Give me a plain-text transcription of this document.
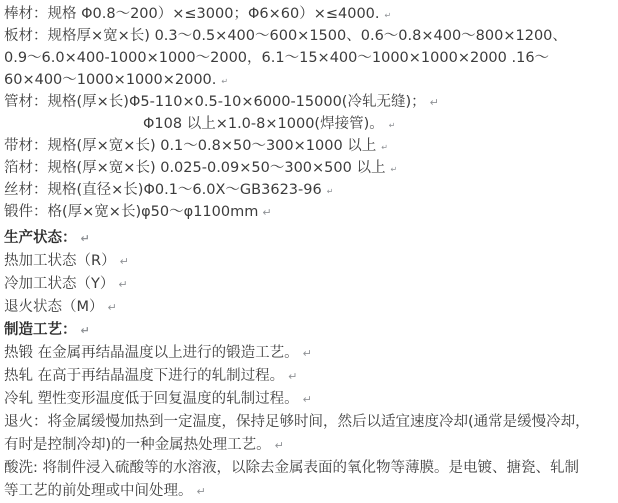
棒材：规格 Φ0.8～200）×≤3000；Φ6×60）×≤4000. ↵
板材：规格厚×宽×长) 0.3～0.5×400～600×1500、0.6～0.8×400～800×1200、
0.9～6.0×400-1000×1000～2000，6.1～15×400～1000×1000×2000 .16～
60×400～1000×1000×2000. ↵
管材：规格(厚×长)Φ5-110×0.5-10×6000-15000(冷轧无缝)； ↵
Φ108 以上×1.0-8×1000(焊接管)。 ↵
带材：规格(厚×宽×长) 0.1～0.8×50～300×1000 以上 ↵
箔材：规格(厚×宽×长) 0.025-0.09×50～300×500 以上 ↵
丝材：规格(直径×长)Φ0.1～6.0X～GB3623-96 ↵
锻件：格(厚×宽×长)φ50～φ1100mm ↵
生产状态： ↵
热加工状态（R） ↵
冷加工状态（Y） ↵
退火状态（M） ↵
制造工艺： ↵
热锻 在金属再结晶温度以上进行的锻造工艺。 ↵
热轧 在高于再结晶温度下进行的轧制过程。 ↵
冷轧 塑性变形温度低于回复温度的轧制过程。 ↵
退火：将金属缓慢加热到一定温度，保持足够时间，然后以适宜速度冷却(通常是缓慢冷却，
有时是控制冷却)的一种金属热处理工艺。 ↵
酸洗: 将制件浸入硫酸等的水溶液，以除去金属表面的氧化物等薄膜。是电镀、搪瓷、轧制
等工艺的前处理或中间处理。 ↵
